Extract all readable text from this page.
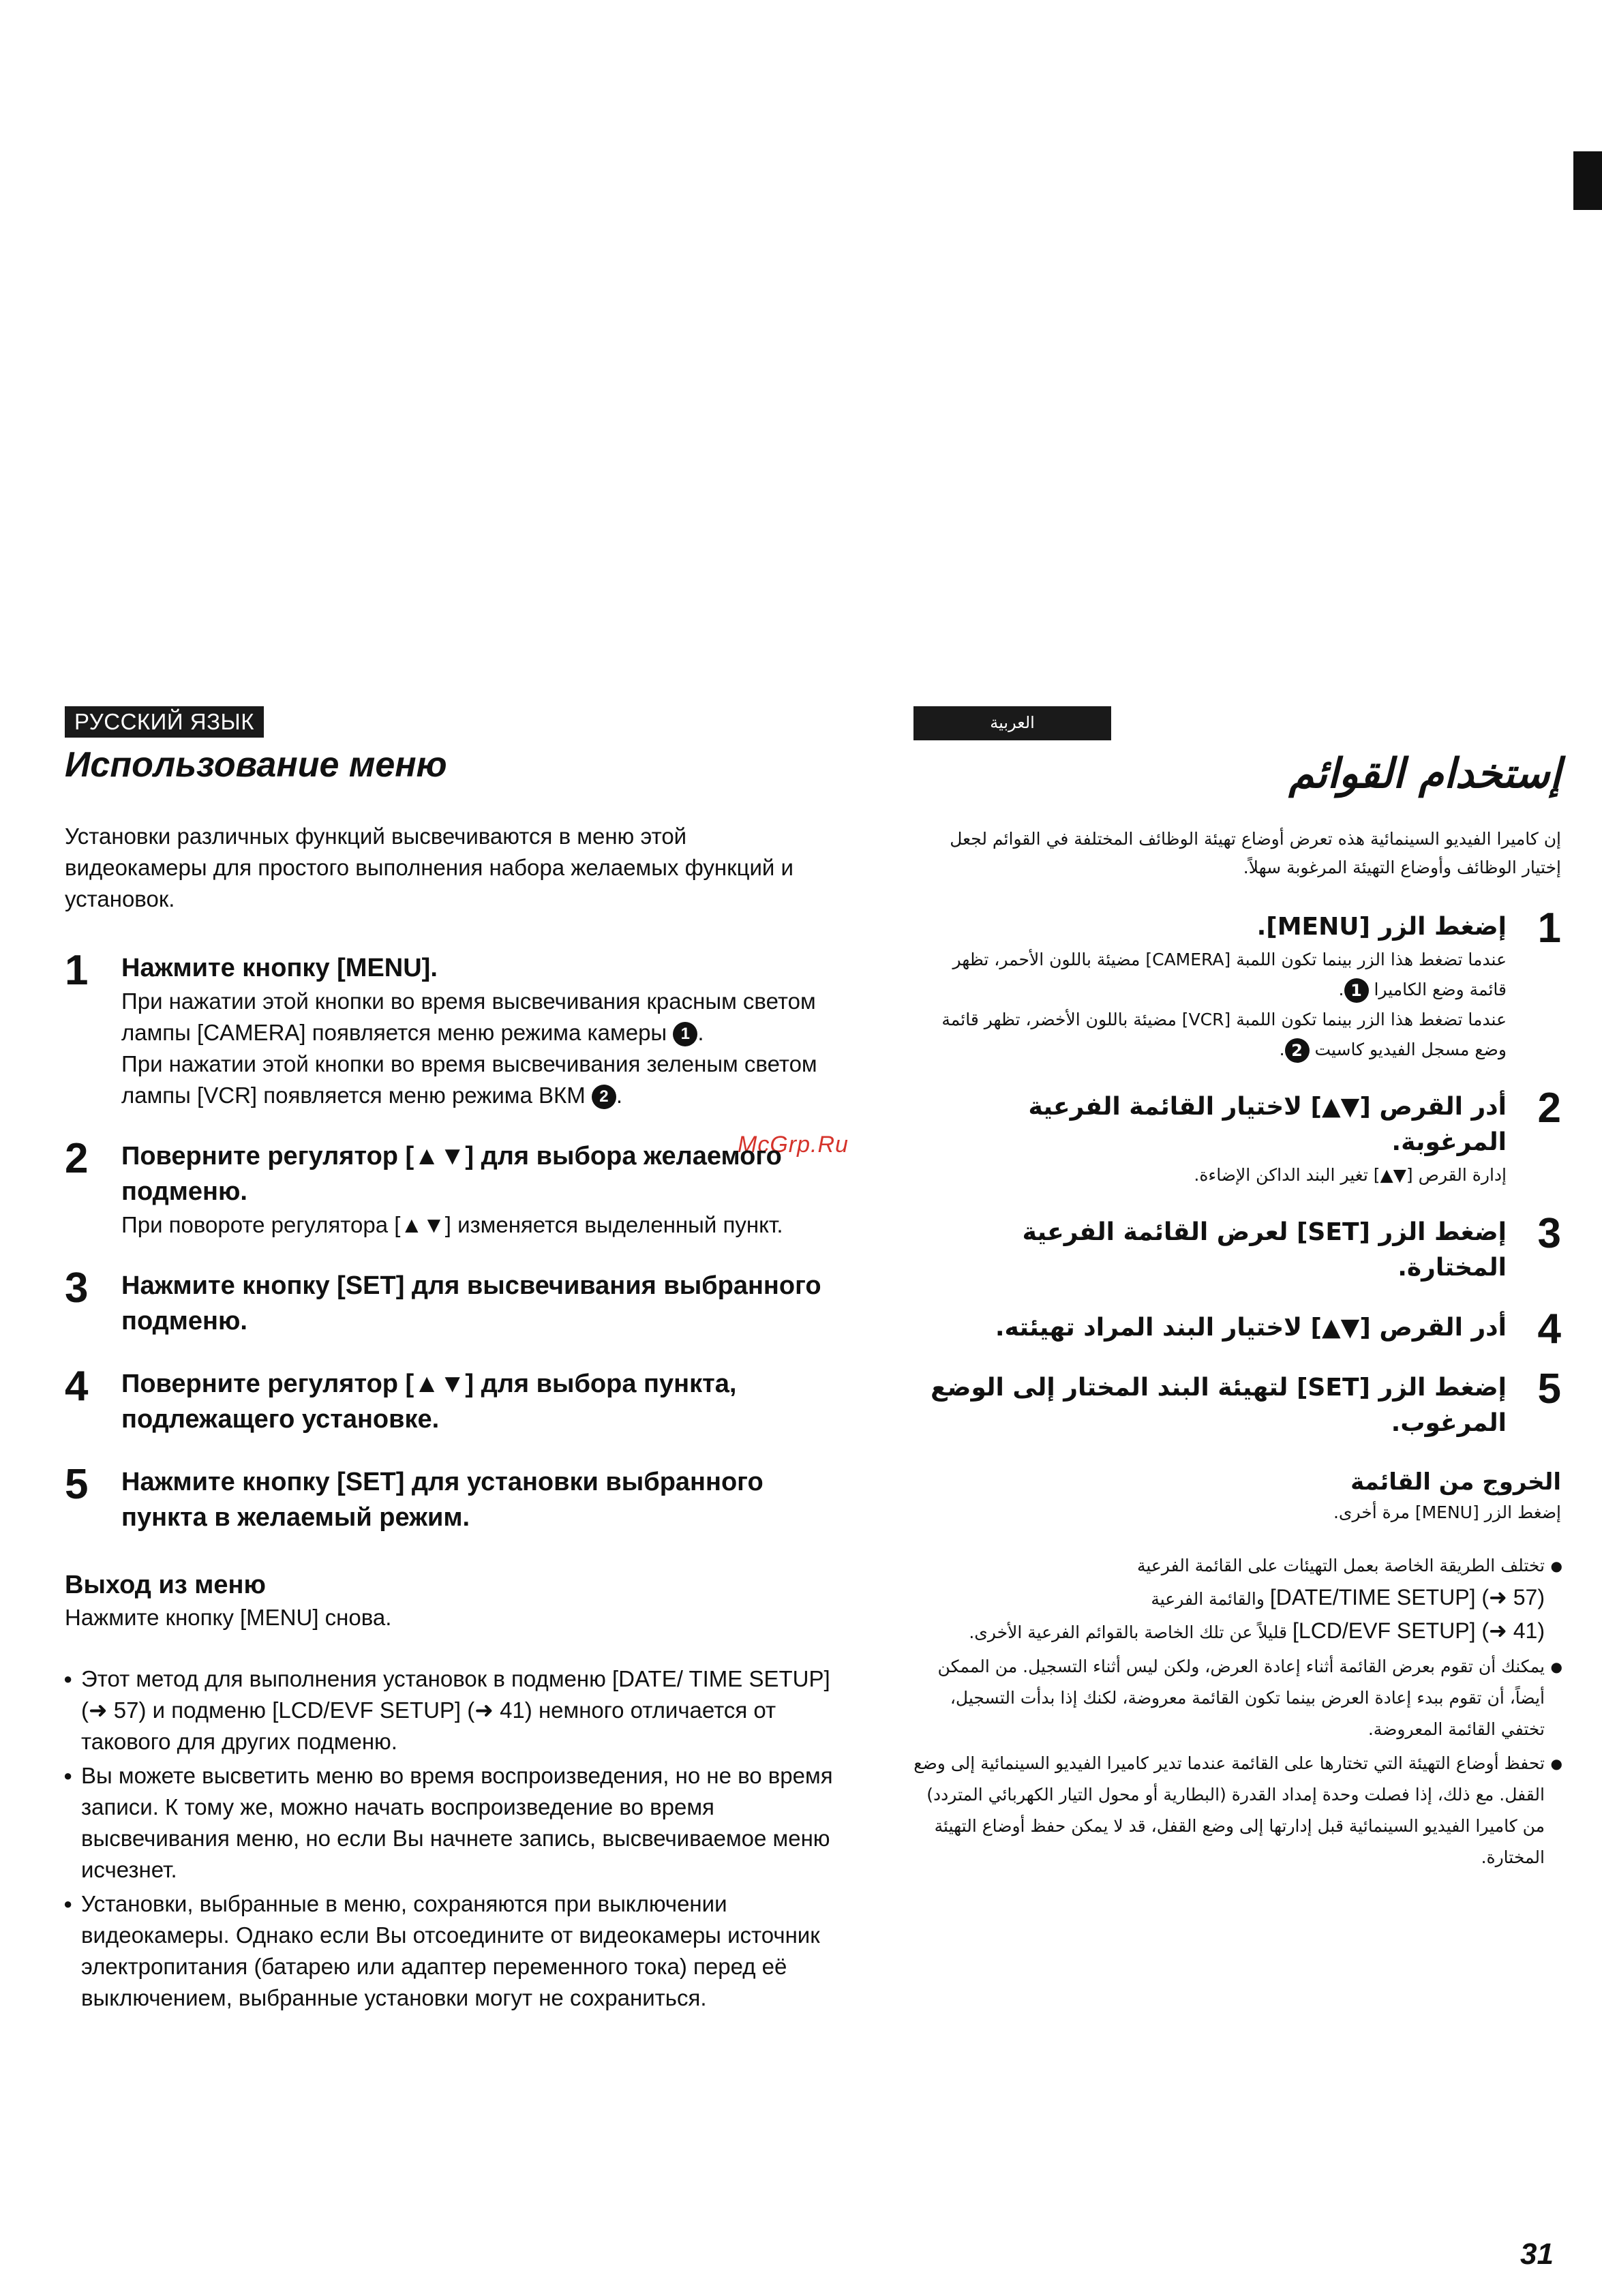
McGrp.Ru
РУССКИЙ ЯЗЫК
Использование меню

Установки различных функций высвечиваются в меню этой видеокамеры для простого выполнения набора желаемых функций и установок.

1 Нажмите кнопку [MENU].
При нажатии этой кнопки во время высвечивания красным светом лампы [CAMERA] появляется меню режима камеры 1 .
При нажатии этой кнопки во время высвечивания зеленым светом лампы [VCR] появляется меню режима ВКМ 2 .
2 Поверните регулятор [▲▼] для выбора желаемого подменю.
При повороте регулятора [▲▼] изменяется выделенный пункт.
3 Нажмите кнопку [SET] для высвечивания выбранного подменю.
4 Поверните регулятор [▲▼] для выбора пункта, подлежащего установке.
5 Нажмите кнопку [SET] для установки выбранного пункта в желаемый режим.
Выход из меню
Нажмите кнопку [MENU] снова.
● Этот метод для выполнения установок в подменю [DATE/ TIME SETUP] (➜ 57) и подменю [LCD/EVF SETUP] (➜ 41) немного отличается от такового для других подменю.
● Вы можете высветить меню во время воспроизведения, но не во время записи. К тому же, можно начать воспроизведение во время высвечивания меню, но если Вы начнете запись, высвечиваемое меню исчезнет.
● Установки, выбранные в меню, сохраняются при выключении видеокамеры. Однако если Вы отсоедините от видеокамеры источник электропитания (батарею или адаптер переменного тока) перед её выключением, выбранные установки могут не сохраниться.
العربية
إستخدام القوائم

إن كاميرا الفيديو السينمائية هذه تعرض أوضاع تهيئة الوظائف المختلفة في القوائم لجعل إختيار الوظائف وأوضاع التهيئة المرغوبة سهلاً.

1
إضغط الزر [MENU].
عندما تضغط هذا الزر بينما تكون اللمبة [CAMERA] مضيئة باللون الأحمر، تظهر قائمة وضع الكاميرا 1.
عندما تضغط هذا الزر بينما تكون اللمبة [VCR] مضيئة باللون الأخضر، تظهر قائمة وضع مسجل الفيديو كاسيت 2.
2
أدر القرص [▼▲] لاختيار القائمة الفرعية المرغوبة.
إدارة القرص [▼▲] تغير البند الداكن الإضاءة.
3
إضغط الزر [SET] لعرض القائمة الفرعية المختارة.
4
أدر القرص [▼▲] لاختيار البند المراد تهيئته.
5
إضغط الزر [SET] لتهيئة البند المختار إلى الوضع المرغوب.
الخروج من القائمة
إضغط الزر [MENU] مرة أخرى.
● تختلف الطريقة الخاصة بعمل التهيئات على القائمة الفرعية
[DATE/TIME SETUP] (➜ 57) والقائمة الفرعية
[LCD/EVF SETUP] (➜ 41) قليلاً عن تلك الخاصة بالقوائم الفرعية الأخرى.
● يمكنك أن تقوم بعرض القائمة أثناء إعادة العرض، ولكن ليس أثناء التسجيل. من الممكن أيضاً، أن تقوم ببدء إعادة العرض بينما تكون القائمة معروضة، لكنك إذا بدأت التسجيل، تختفي القائمة المعروضة.
● تحفظ أوضاع التهيئة التي تختارها على القائمة عندما تدير كاميرا الفيديو السينمائية إلى وضع القفل. مع ذلك، إذا فصلت وحدة إمداد القدرة (البطارية أو محول التيار الكهربائي المتردد) من كاميرا الفيديو السينمائية قبل إدارتها إلى وضع القفل، قد لا يمكن حفظ أوضاع التهيئة المختارة.
31
